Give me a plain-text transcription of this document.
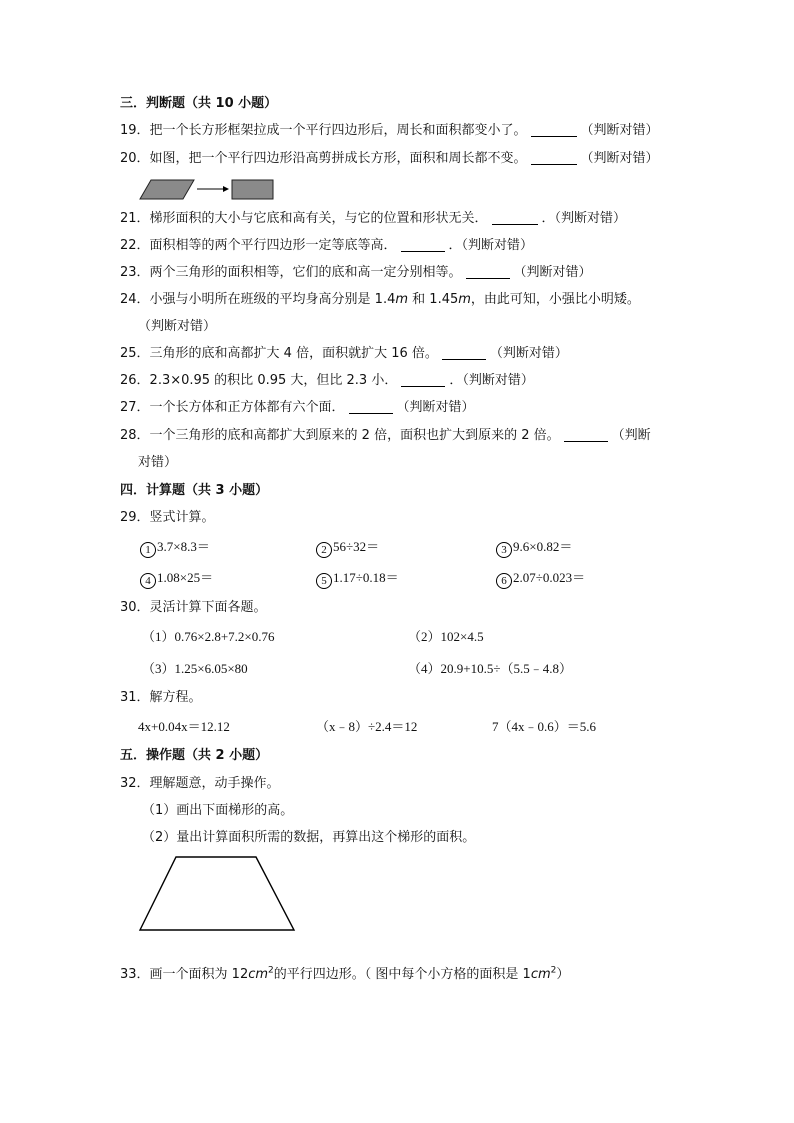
三．判断题（共 10 小题）
19．把一个长方形框架拉成一个平行四边形后，周长和面积都变小了。	（判断对错）
20．如图，把一个平行四边形沿高剪拼成长方形，面积和周长都不变。	（判断对错）
21．梯形面积的大小与它底和高有关，与它的位置和形状无关．	．（判断对错）
22．面积相等的两个平行四边形一定等底等高．	．（判断对错）
23．两个三角形的面积相等，它们的底和高一定分别相等。	（判断对错）
24．小强与小明所在班级的平均身高分别是 1.4m 和 1.45m，由此可知，小强比小明矮。
（判断对错）
25．三角形的底和高都扩大 4 倍，面积就扩大 16 倍。	（判断对错）
26．2.3×0.95 的积比 0.95 大，但比 2.3 小．	．（判断对错）
27．一个长方体和正方体都有六个面．	（判断对错）
28．一个三角形的底和高都扩大到原来的 2 倍，面积也扩大到原来的 2 倍。	（判断
对错）
四．计算题（共 3 小题）
29．竖式计算。
1 3.7×8.3＝	2 56÷32＝	3 9.6×0.82＝
4 1.08×25＝	5 1.17÷0.18＝	6 2.07÷0.023＝
30．灵活计算下面各题。
（1）0.76×2.8+7.2×0.76	（2）102×4.5
（3）1.25×6.05×80	（4）20.9+10.5÷（5.5﹣4.8）
31．解方程。
4x+0.04x＝12.12	（x﹣8）÷2.4＝12	7（4x﹣0.6）＝5.6
五．操作题（共 2 小题）
32．理解题意，动手操作。
（1）画出下面梯形的高。
（2）量出计算面积所需的数据，再算出这个梯形的面积。
33．画一个面积为 $12cm^2$的平行四边形。（ 图中每个小方格的面积是 $1cm^2$）
